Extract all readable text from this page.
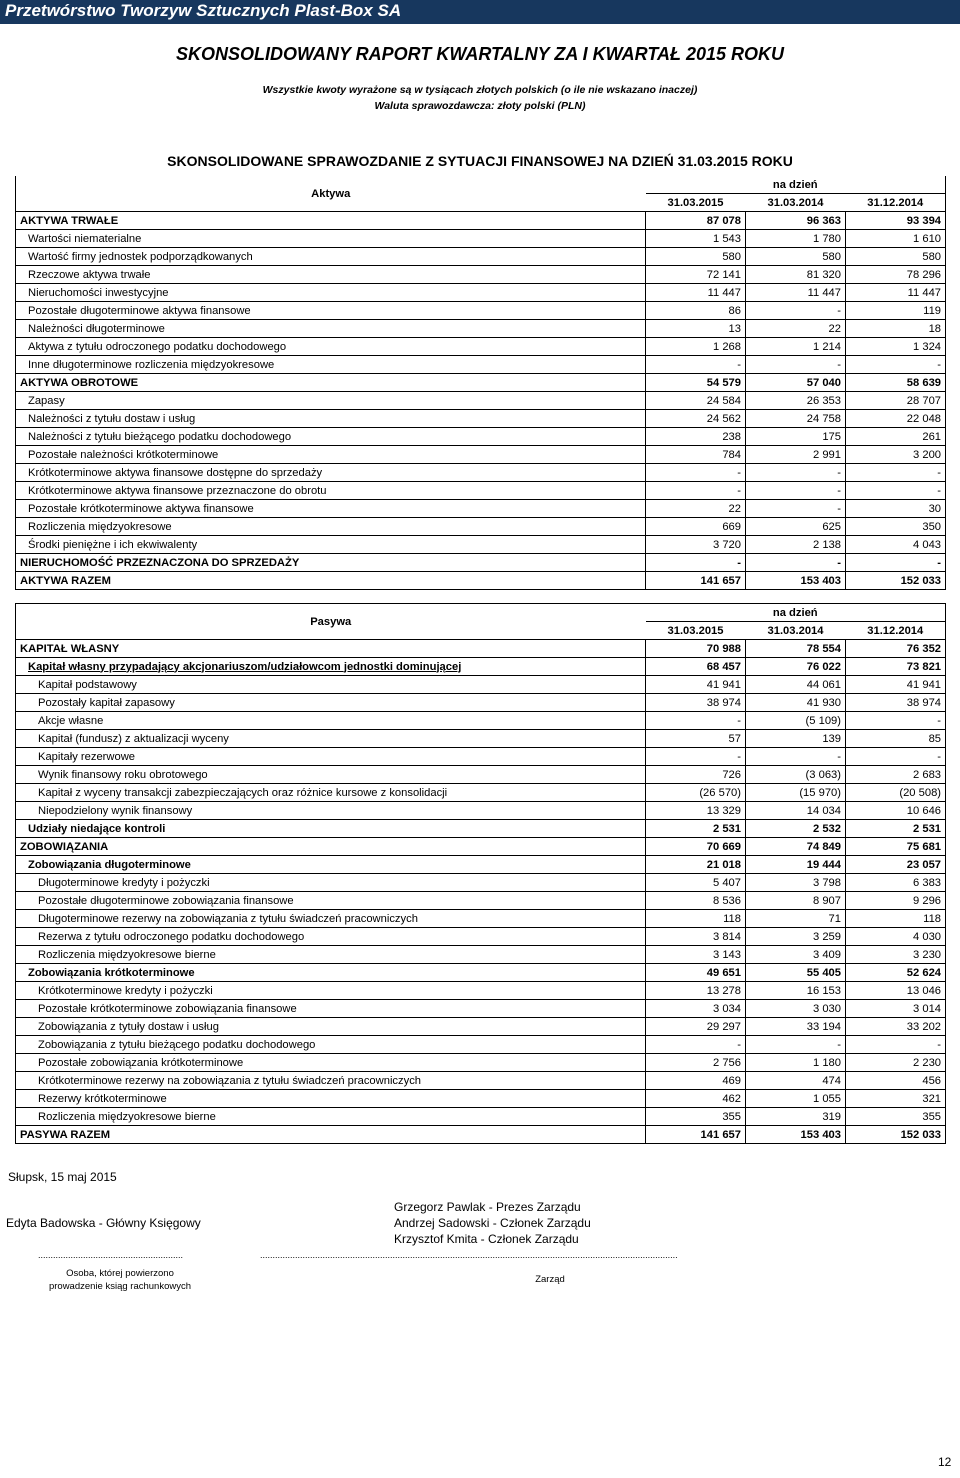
Przetwórstwo Tworzyw Sztucznych Plast-Box SA
SKONSOLIDOWANY RAPORT KWARTALNY ZA I KWARTAŁ 2015 ROKU
Wszystkie kwoty wyrażone są w tysiącach złotych polskich (o ile nie wskazano inaczej)
Waluta sprawozdawcza: złoty polski (PLN)
SKONSOLIDOWANE SPRAWOZDANIE Z SYTUACJI FINANSOWEJ NA DZIEŃ 31.03.2015 ROKU
Aktywa	na dzień		
	31.03.2015	31.03.2014	31.12.2014
AKTYWA TRWAŁE	87 078	96 363	93 394
Wartości niematerialne	1 543	1 780	1 610
Wartość firmy jednostek podporządkowanych	580	580	580
Rzeczowe aktywa trwałe	72 141	81 320	78 296
Nieruchomości inwestycyjne	11 447	11 447	11 447
Pozostałe długoterminowe aktywa finansowe	86	-	119
Należności długoterminowe	13	22	18
Aktywa z tytułu odroczonego podatku dochodowego	1 268	1 214	1 324
Inne długoterminowe rozliczenia międzyokresowe	-	-	-
AKTYWA OBROTOWE	54 579	57 040	58 639
Zapasy	24 584	26 353	28 707
Należności z tytułu dostaw i usług	24 562	24 758	22 048
Należności z tytułu bieżącego podatku dochodowego	238	175	261
Pozostałe należności krótkoterminowe	784	2 991	3 200
Krótkoterminowe aktywa finansowe dostępne do sprzedaży	-	-	-
Krótkoterminowe aktywa finansowe przeznaczone do obrotu	-	-	-
Pozostałe krótkoterminowe aktywa finansowe	22	-	30
Rozliczenia międzyokresowe	669	625	350
Środki pieniężne i ich ekwiwalenty	3 720	2 138	4 043
NIERUCHOMOŚĆ PRZEZNACZONA DO SPRZEDAŻY	-	-	-
AKTYWA RAZEM	141 657	153 403	152 033
Pasywa	na dzień		
	31.03.2015	31.03.2014	31.12.2014
KAPITAŁ WŁASNY	70 988	78 554	76 352
Kapitał własny przypadający akcjonariuszom/udziałowcom jednostki dominującej	68 457	76 022	73 821
Kapitał podstawowy	41 941	44 061	41 941
Pozostały kapitał zapasowy	38 974	41 930	38 974
Akcje własne	-	(5 109)	-
Kapitał (fundusz) z aktualizacji wyceny	57	139	85
Kapitały rezerwowe	-	-	-
Wynik finansowy roku obrotowego	726	(3 063)	2 683
Kapitał z wyceny transakcji zabezpieczających oraz różnice kursowe z konsolidacji	(26 570)	(15 970)	(20 508)
Niepodzielony wynik finansowy	13 329	14 034	10 646
Udziały niedające kontroli	2 531	2 532	2 531
ZOBOWIĄZANIA	70 669	74 849	75 681
Zobowiązania długoterminowe	21 018	19 444	23 057
Długoterminowe kredyty i pożyczki	5 407	3 798	6 383
Pozostałe długoterminowe zobowiązania finansowe	8 536	8 907	9 296
Długoterminowe rezerwy na zobowiązania z tytułu świadczeń pracowniczych	118	71	118
Rezerwa z tytułu odroczonego podatku dochodowego	3 814	3 259	4 030
Rozliczenia międzyokresowe bierne	3 143	3 409	3 230
Zobowiązania krótkoterminowe	49 651	55 405	52 624
Krótkoterminowe kredyty i pożyczki	13 278	16 153	13 046
Pozostałe krótkoterminowe zobowiązania finansowe	3 034	3 030	3 014
Zobowiązania z tytuły dostaw i usług	29 297	33 194	33 202
Zobowiązania z tytułu bieżącego podatku dochodowego	-	-	-
Pozostałe zobowiązania krótkoterminowe	2 756	1 180	2 230
Krótkoterminowe rezerwy na zobowiązania z tytułu świadczeń pracowniczych	469	474	456
Rezerwy krótkoterminowe	462	1 055	321
Rozliczenia międzyokresowe bierne	355	319	355
PASYWA RAZEM	141 657	153 403	152 033
Słupsk, 15 maj 2015
Edyta Badowska - Główny Księgowy
Grzegorz Pawlak - Prezes Zarządu
Andrzej Sadowski - Członek Zarządu
Krzysztof Kmita - Członek Zarządu
..........................................................	.......................................................................................................................................................................
Osoba, której powierzono
prowadzenie ksiąg rachunkowych
Zarząd
12
